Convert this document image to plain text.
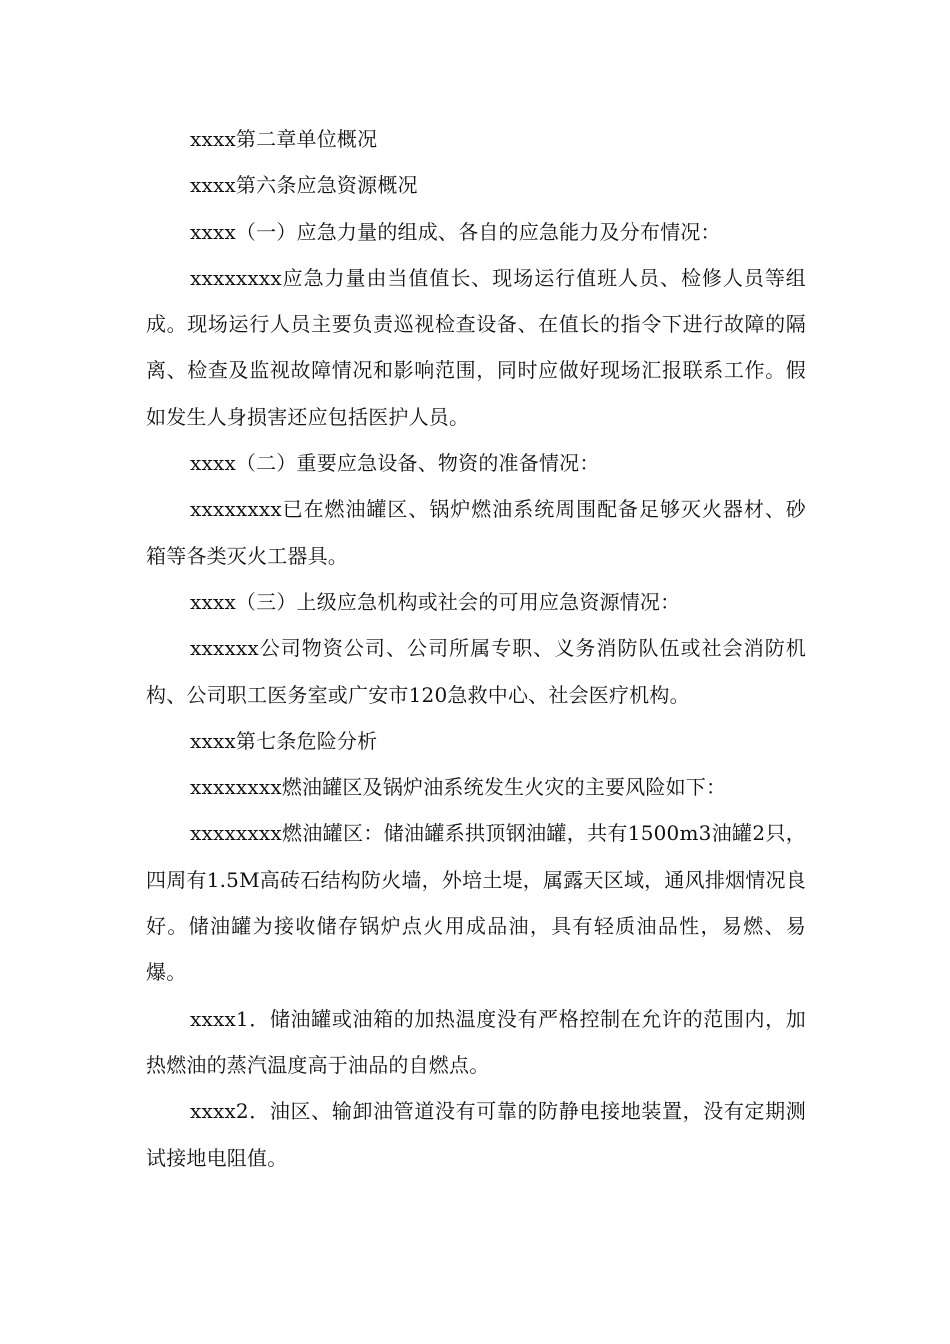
xxxx第二章单位概况

xxxx第六条应急资源概况

xxxx（一）应急力量的组成、各自的应急能力及分布情况：

xxxxxxxx应急力量由当值值长、现场运行值班人员、检修人员等组成。现场运行人员主要负责巡视检查设备、在值长的指令下进行故障的隔离、检查及监视故障情况和影响范围，同时应做好现场汇报联系工作。假如发生人身损害还应包括医护人员。

xxxx（二）重要应急设备、物资的准备情况：

xxxxxxxx已在燃油罐区、锅炉燃油系统周围配备足够灭火器材、砂箱等各类灭火工器具。

xxxx（三）上级应急机构或社会的可用应急资源情况：

xxxxxx公司物资公司、公司所属专职、义务消防队伍或社会消防机构、公司职工医务室或广安市120急救中心、社会医疗机构。

xxxx第七条危险分析

xxxxxxxx燃油罐区及锅炉油系统发生火灾的主要风险如下：

xxxxxxxx燃油罐区：储油罐系拱顶钢油罐，共有1500m3油罐2只，四周有1.5M高砖石结构防火墙，外培土堤，属露天区域，通风排烟情况良好。储油罐为接收储存锅炉点火用成品油，具有轻质油品性，易燃、易爆。

xxxx1．储油罐或油箱的加热温度没有严格控制在允许的范围内，加热燃油的蒸汽温度高于油品的自燃点。

xxxx2．油区、输卸油管道没有可靠的防静电接地装置，没有定期测试接地电阻值。
